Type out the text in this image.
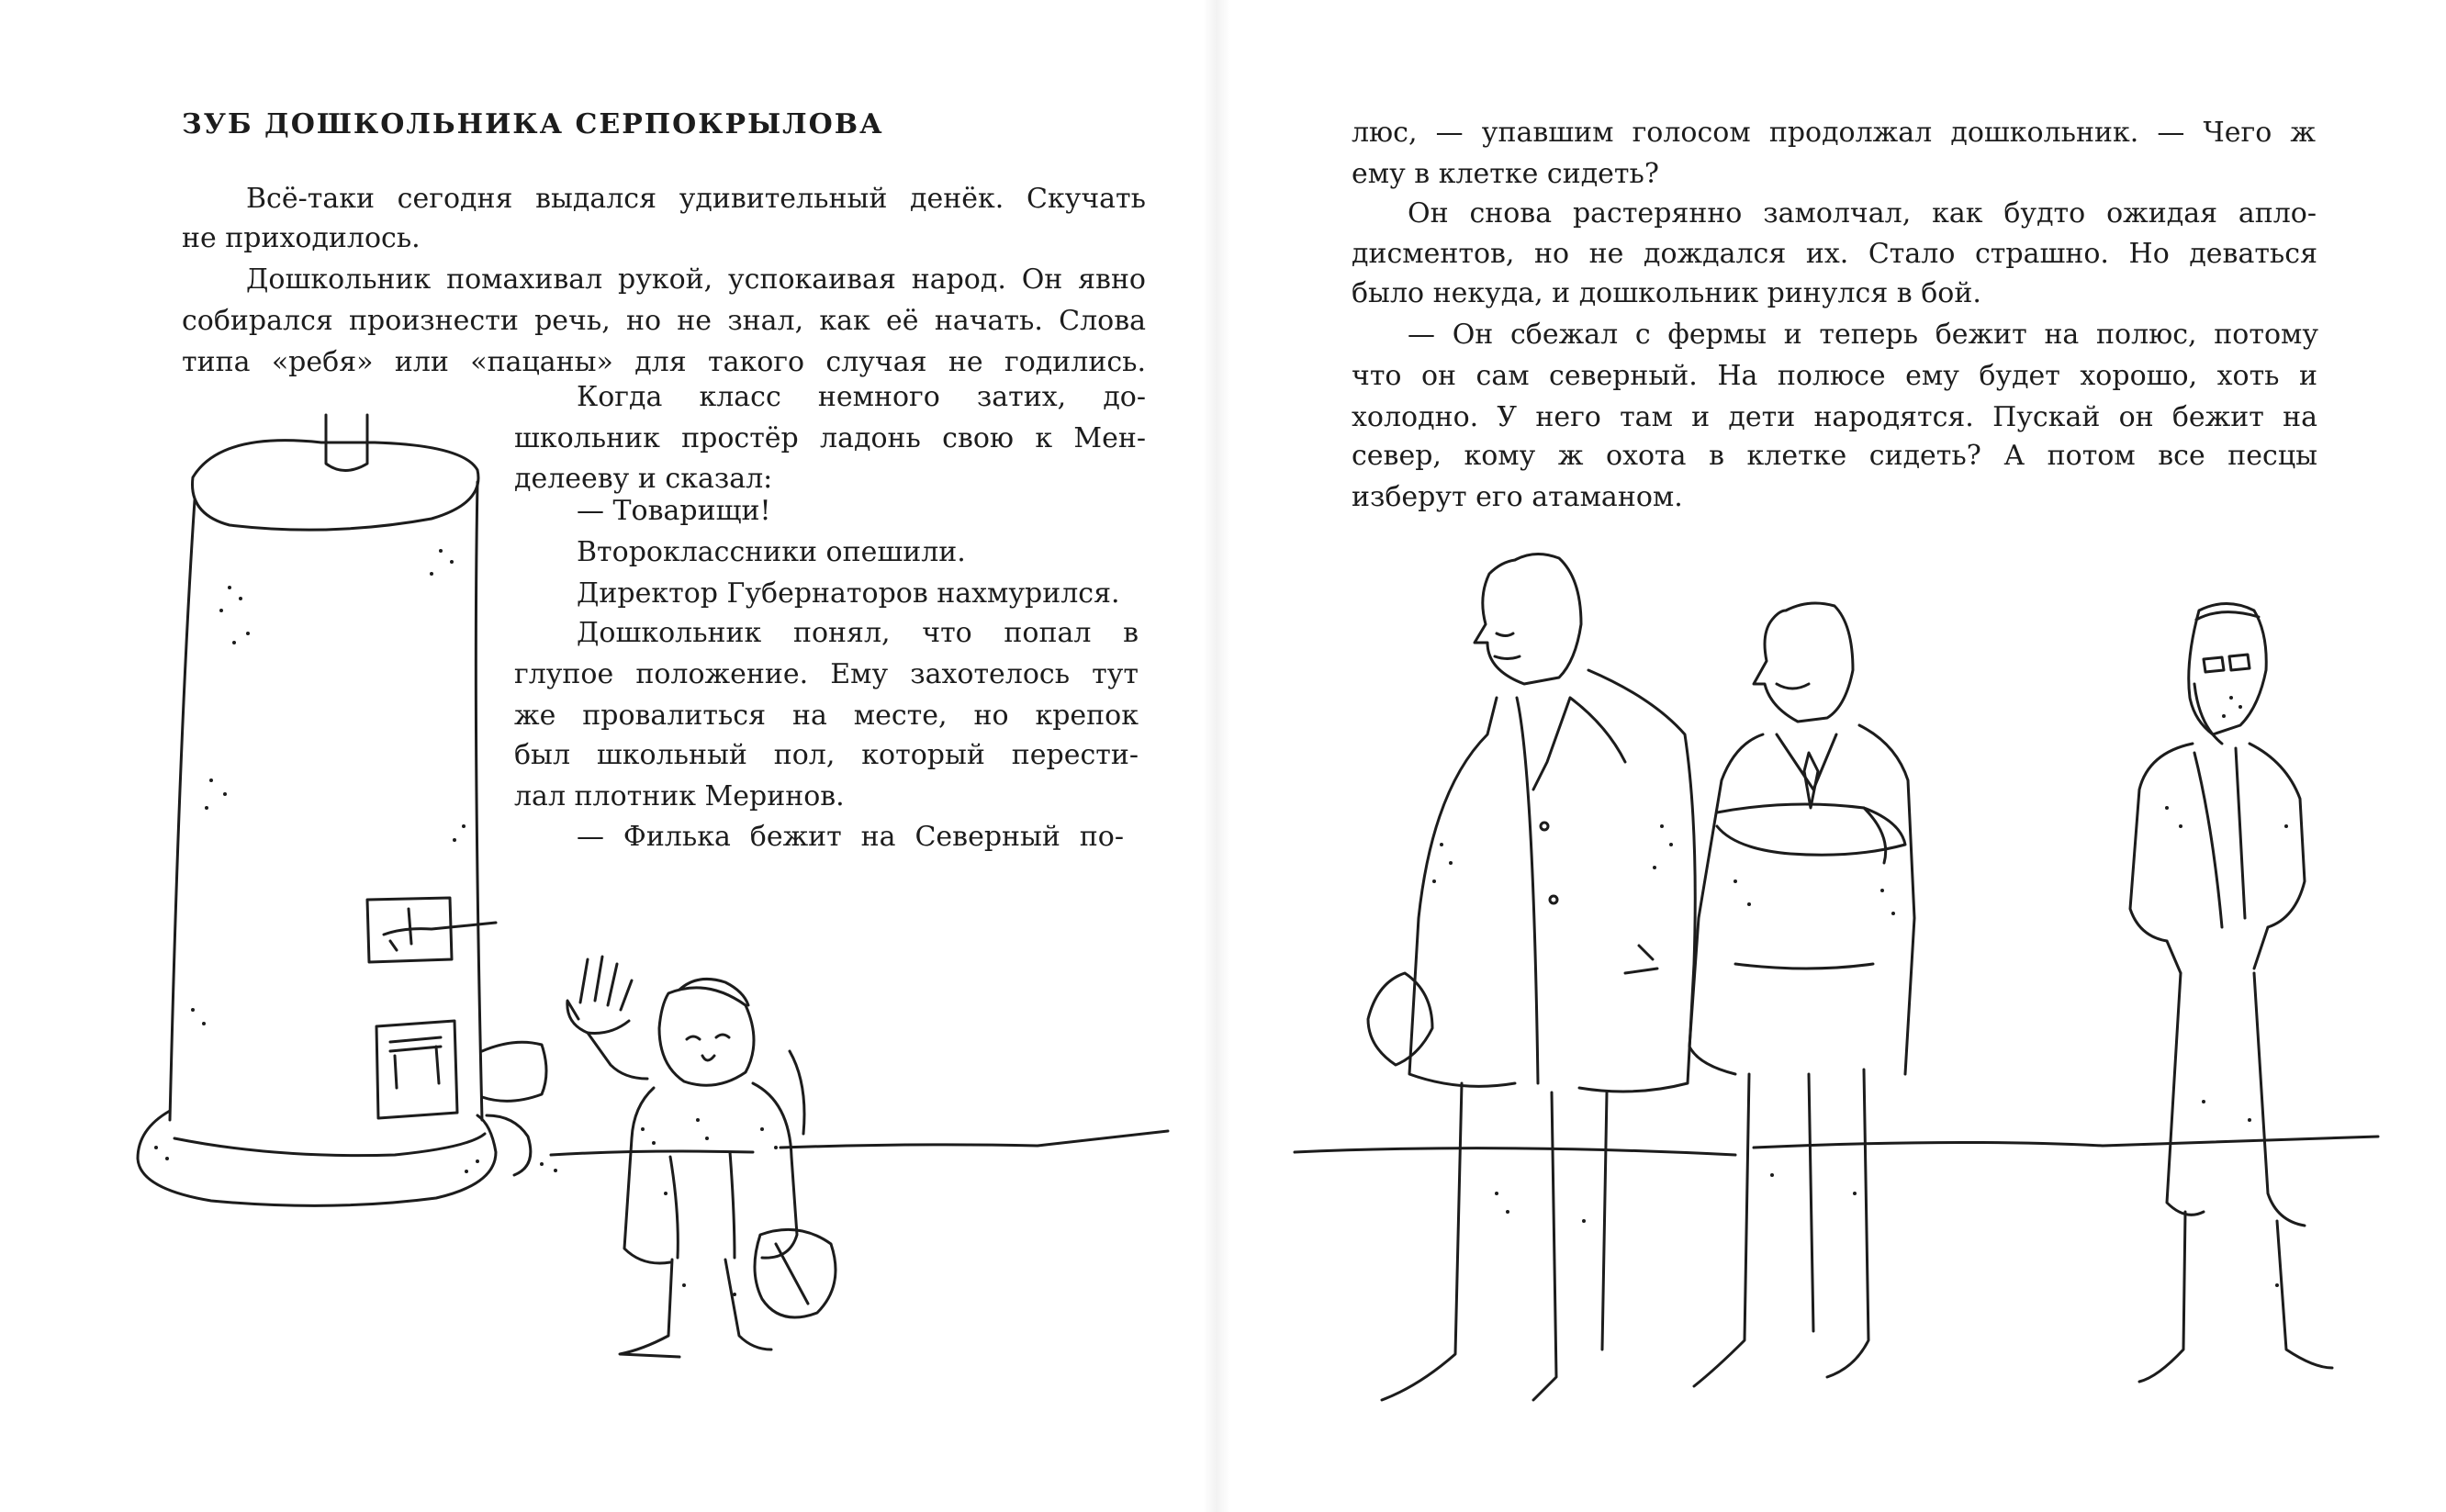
ЗУБ ДОШКОЛЬНИКА СЕРПОКРЫЛОВА

Всё-таки сегодня выдался удивительный денёк. Скучать

не приходилось.

Дошкольник помахивал рукой, успокаивая народ. Он явно

собирался произнести речь, но не знал, как её начать. Слова

типа «ребя» или «пацаны» для такого случая не годились.

Когда класс немного затих, до-

школьник простёр ладонь свою к Мен-

делееву и сказал:

— Товарищи!

Второклассники опешили.

Директор Губернаторов нахмурился.

Дошкольник понял, что попал в

глупое положение. Ему захотелось тут

же провалиться на месте, но крепок

был школьный пол, который перести-

лал плотник Меринов.

— Филька бежит на Северный по-

люс, — упавшим голосом продолжал дошкольник. — Чего ж

ему в клетке сидеть?

Он снова растерянно замолчал, как будто ожидая апло-

дисментов, но не дождался их. Стало страшно. Но деваться

было некуда, и дошкольник ринулся в бой.

— Он сбежал с фермы и теперь бежит на полюс, потому

что он сам северный. На полюсе ему будет хорошо, хоть и

холодно. У него там и дети народятся. Пускай он бежит на

север, кому ж охота в клетке сидеть? А потом все песцы

изберут его атаманом.
